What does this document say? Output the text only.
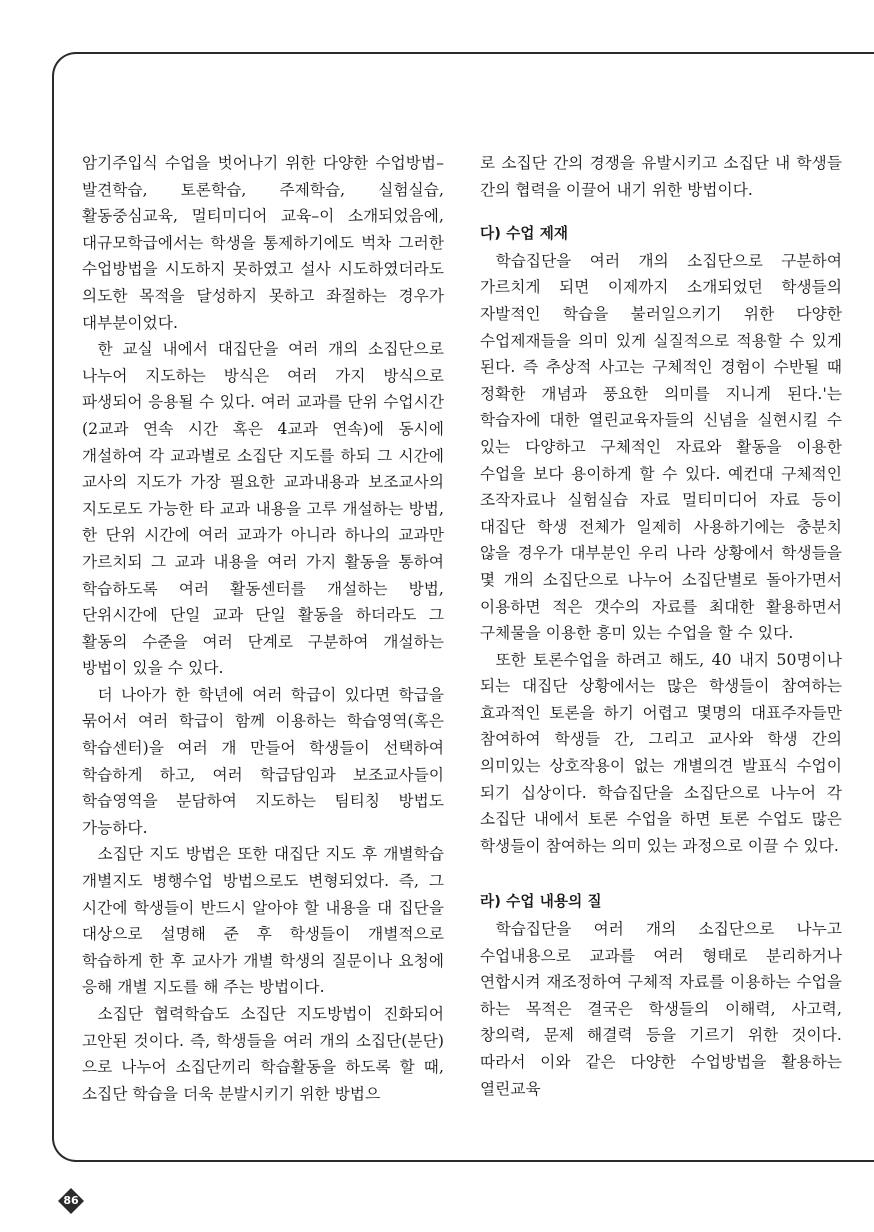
암기주입식 수업을 벗어나기 위한 다양한 수업방법–발견학습, 토론학습, 주제학습, 실험실습, 활동중심교육, 멀티미디어 교육–이 소개되었음에, 대규모학급에서는 학생을 통제하기에도 벅차 그러한 수업방법을 시도하지 못하였고 설사 시도하였더라도 의도한 목적을 달성하지 못하고 좌절하는 경우가 대부분이었다.

한 교실 내에서 대집단을 여러 개의 소집단으로 나누어 지도하는 방식은 여러 가지 방식으로 파생되어 응용될 수 있다. 여러 교과를 단위 수업시간(2교과 연속 시간 혹은 4교과 연속)에 동시에 개설하여 각 교과별로 소집단 지도를 하되 그 시간에 교사의 지도가 가장 필요한 교과내용과 보조교사의 지도로도 가능한 타 교과 내용을 고루 개설하는 방법, 한 단위 시간에 여러 교과가 아니라 하나의 교과만 가르치되 그 교과 내용을 여러 가지 활동을 통하여 학습하도록 여러 활동센터를 개설하는 방법, 단위시간에 단일 교과 단일 활동을 하더라도 그 활동의 수준을 여러 단계로 구분하여 개설하는 방법이 있을 수 있다.

더 나아가 한 학년에 여러 학급이 있다면 학급을 묶어서 여러 학급이 함께 이용하는 학습영역(혹은 학습센터)을 여러 개 만들어 학생들이 선택하여 학습하게 하고, 여러 학급담임과 보조교사들이 학습영역을 분담하여 지도하는 팀티칭 방법도 가능하다.

소집단 지도 방법은 또한 대집단 지도 후 개별학습 개별지도 병행수업 방법으로도 변형되었다. 즉, 그 시간에 학생들이 반드시 알아야 할 내용을 대 집단을 대상으로 설명해 준 후 학생들이 개별적으로 학습하게 한 후 교사가 개별 학생의 질문이나 요청에 응해 개별 지도를 해 주는 방법이다.

소집단 협력학습도 소집단 지도방법이 진화되어 고안된 것이다. 즉, 학생들을 여러 개의 소집단(분단)으로 나누어 소집단끼리 학습활동을 하도록 할 때, 소집단 학습을 더욱 분발시키기 위한 방법으

로 소집단 간의 경쟁을 유발시키고 소집단 내 학생들 간의 협력을 이끌어 내기 위한 방법이다.

다) 수업 제재

학습집단을 여러 개의 소집단으로 구분하여 가르치게 되면 이제까지 소개되었던 학생들의 자발적인 학습을 불러일으키기 위한 다양한 수업제재들을 의미 있게 실질적으로 적용할 수 있게 된다. 즉 추상적 사고는 구체적인 경험이 수반될 때 정확한 개념과 풍요한 의미를 지니게 된다.'는 학습자에 대한 열린교육자들의 신념을 실현시킬 수 있는 다양하고 구체적인 자료와 활동을 이용한 수업을 보다 용이하게 할 수 있다. 예컨대 구체적인 조작자료나 실험실습 자료 멀티미디어 자료 등이 대집단 학생 전체가 일제히 사용하기에는 충분치 않을 경우가 대부분인 우리 나라 상황에서 학생들을 몇 개의 소집단으로 나누어 소집단별로 돌아가면서 이용하면 적은 갯수의 자료를 최대한 활용하면서 구체물을 이용한 흥미 있는 수업을 할 수 있다.

또한 토론수업을 하려고 해도, 40 내지 50명이나 되는 대집단 상황에서는 많은 학생들이 참여하는 효과적인 토론을 하기 어렵고 몇명의 대표주자들만 참여하여 학생들 간, 그리고 교사와 학생 간의 의미있는 상호작용이 없는 개별의견 발표식 수업이 되기 십상이다. 학습집단을 소집단으로 나누어 각 소집단 내에서 토론 수업을 하면 토론 수업도 많은 학생들이 참여하는 의미 있는 과정으로 이끌 수 있다.

라) 수업 내용의 질

학습집단을 여러 개의 소집단으로 나누고 수업내용으로 교과를 여러 형태로 분리하거나 연합시켜 재조정하여 구체적 자료를 이용하는 수업을 하는 목적은 결국은 학생들의 이해력, 사고력, 창의력, 문제 해결력 등을 기르기 위한 것이다. 따라서 이와 같은 다양한 수업방법을 활용하는 열린교육

86
